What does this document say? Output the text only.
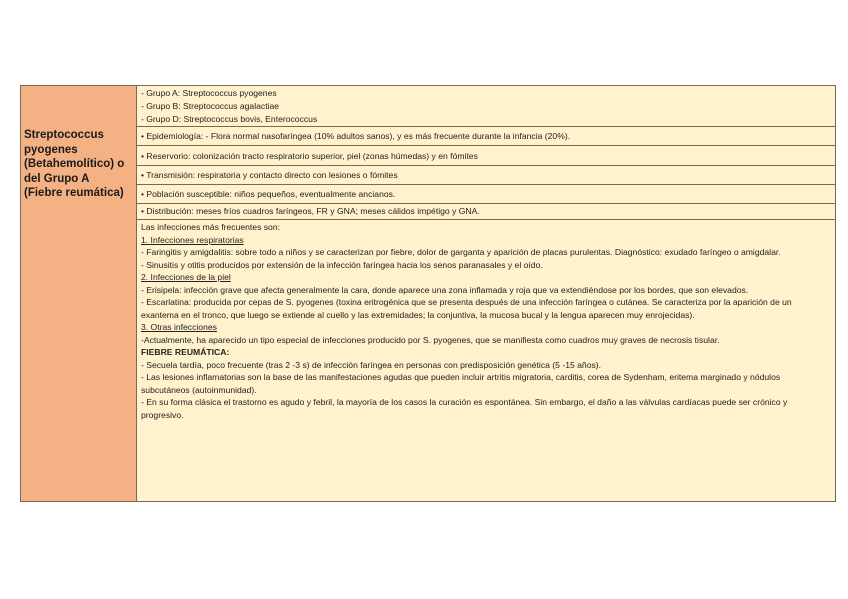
Streptococcus
pyogenes
(Betahemolítico) o
del Grupo A
(Fiebre reumática)
- Grupo A: Streptococcus pyogenes
- Grupo B: Streptococcus agalactiae
- Grupo D: Streptococcus bovis, Enterococcus
• Epidemiología: - Flora normal nasofaríngea (10% adultos sanos), y es más frecuente durante la infancia (20%).
• Reservorio: colonización tracto respiratorio superior, piel (zonas húmedas) y en fómites
• Transmisión: respiratoria y contacto directo con lesiones o fómites
• Población susceptible: niños pequeños, eventualmente ancianos.
• Distribución: meses fríos cuadros faríngeos, FR y GNA; meses cálidos impétigo y GNA.
Las infecciones más frecuentes son:
1. Infecciones respiratorias
- Faringitis y amigdalitis: sobre todo a niños y se caracterizan por fiebre, dolor de garganta y aparición de placas purulentas. Diagnóstico: exudado faríngeo o amigdalar.
- Sinusitis y otitis producidos por extensión de la infección faríngea hacia los senos paranasales y el oído.
2. Infecciones de la piel
- Erisipela: infección grave que afecta generalmente la cara, donde aparece una zona inflamada y roja que va extendiéndose por los bordes, que son elevados.
- Escarlatina: producida por cepas de S. pyogenes (toxina eritrogénica que se presenta después de una infección faríngea o cutánea. Se caracteriza por la aparición de un exantema en el tronco, que luego se extiende al cuello y las extremidades; la conjuntiva, la mucosa bucal y la lengua aparecen muy enrojecidas).
3. Otras infecciones
-Actualmente, ha aparecido un tipo especial de infecciones producido por S. pyogenes, que se manifiesta como cuadros muy graves de necrosis tisular.
FIEBRE REUMÁTICA:
- Secuela tardía, poco frecuente (tras 2 -3 s) de infección faríngea en personas con predisposición genética (5 -15 años).
- Las lesiones inflamatorias son la base de las manifestaciones agudas que pueden incluir artritis migratoria, carditis, corea de Sydenham, eritema marginado y nódulos subcutáneos (autoinmunidad).
- En su forma clásica el trastorno es agudo y febril, la mayoría de los casos la curación es espontánea. Sin embargo, el daño a las válvulas cardíacas puede ser crónico y progresivo.
